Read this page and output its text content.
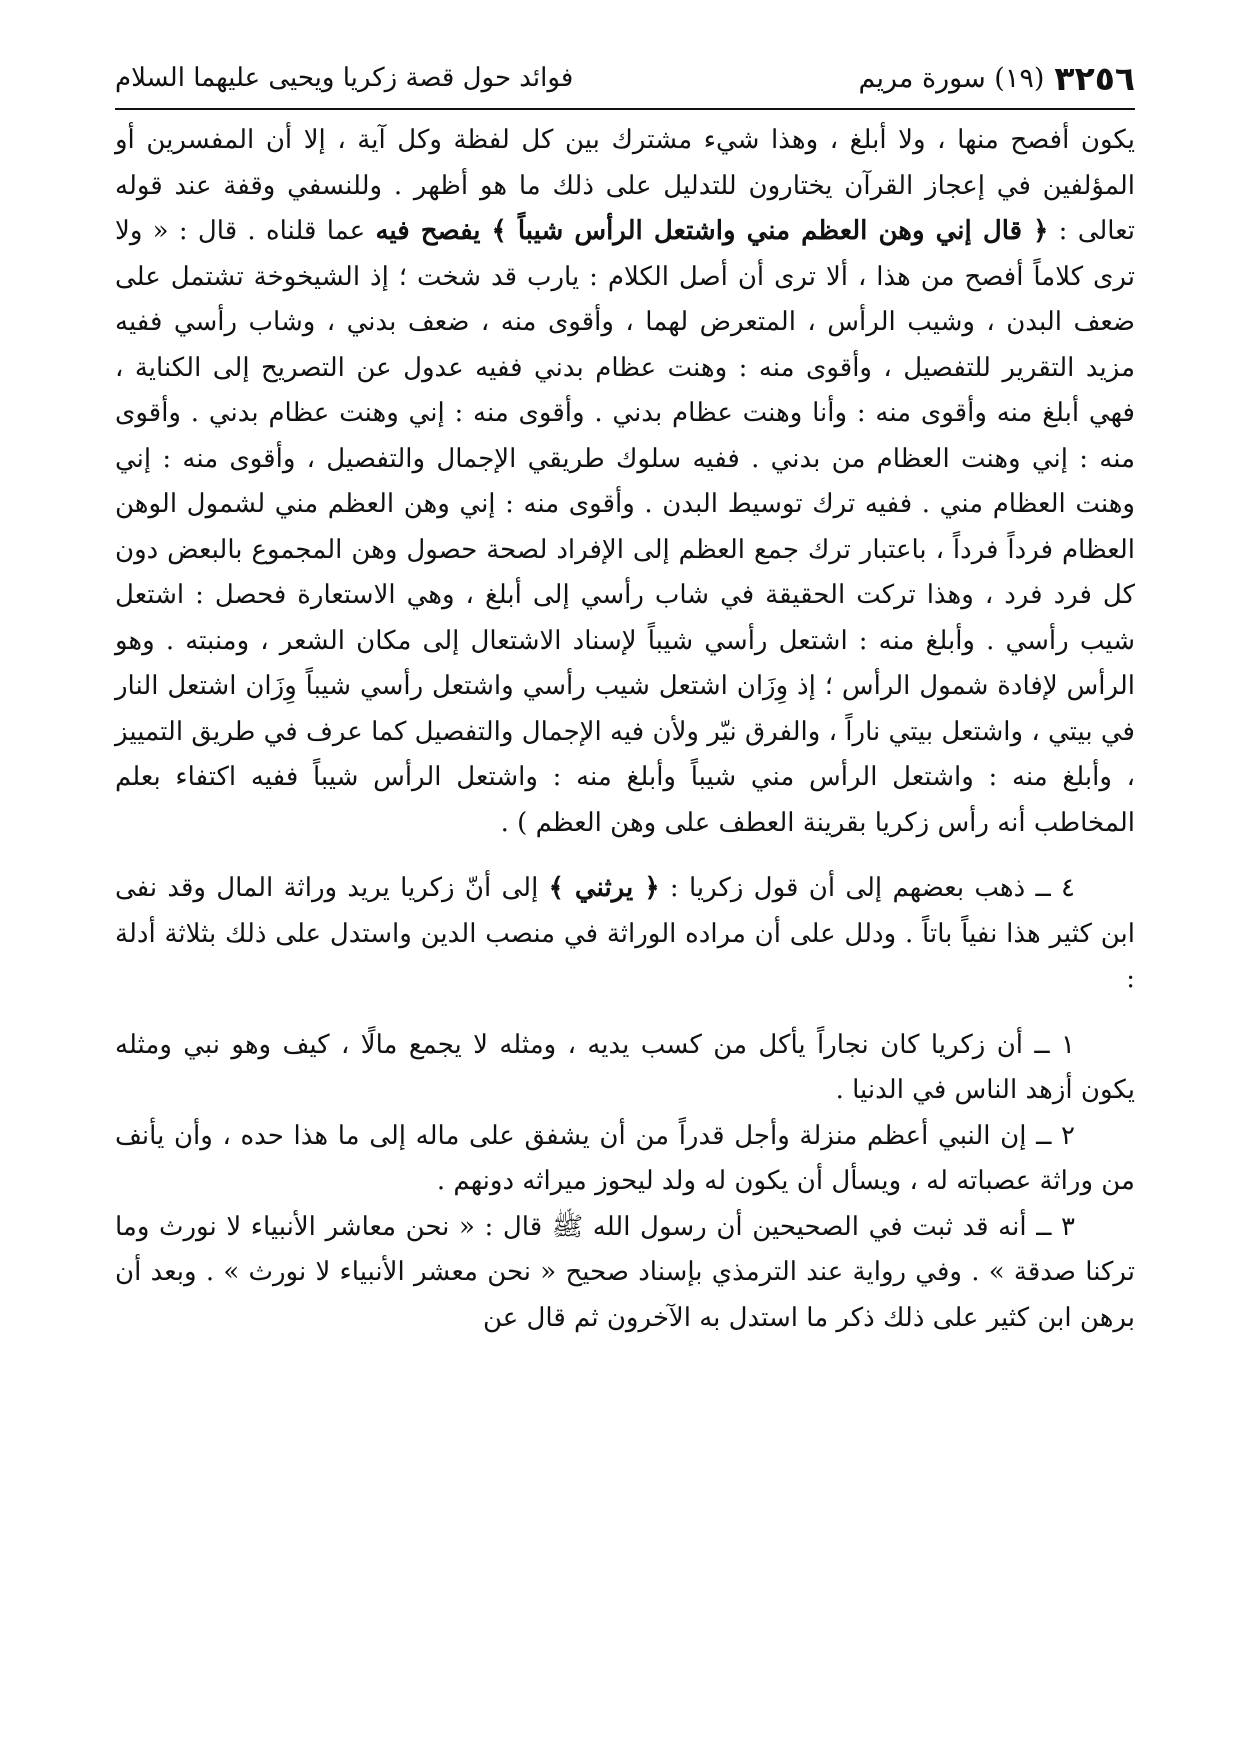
٣٢٥٦
(١٩) سورة مريم
فوائد حول قصة زكريا ويحيى عليهما السلام

يكون أفصح منها ، ولا أبلغ ، وهذا شيء مشترك بين كل لفظة وكل آية ، إلا أن المفسرين أو المؤلفين في إعجاز القرآن يختارون للتدليل على ذلك ما هو أظهر . وللنسفي وقفة عند قوله تعالى : ﴿ قال إني وهن العظم مني واشتعل الرأس شيباً ﴾ يفصح فيه عما قلناه . قال : « ولا ترى كلاماً أفصح من هذا ، ألا ترى أن أصل الكلام : يارب قد شخت ؛ إذ الشيخوخة تشتمل على ضعف البدن ، وشيب الرأس ، المتعرض لهما ، وأقوى منه ، ضعف بدني ، وشاب رأسي ففيه مزيد التقرير للتفصيل ، وأقوى منه : وهنت عظام بدني ففيه عدول عن التصريح إلى الكناية ، فهي أبلغ منه وأقوى منه : وأنا وهنت عظام بدني . وأقوى منه : إني وهنت عظام بدني . وأقوى منه : إني وهنت العظام من بدني . ففيه سلوك طريقي الإجمال والتفصيل ، وأقوى منه : إني وهنت العظام مني . ففيه ترك توسيط البدن . وأقوى منه : إني وهن العظم مني لشمول الوهن العظام فرداً فرداً ، باعتبار ترك جمع العظم إلى الإفراد لصحة حصول وهن المجموع بالبعض دون كل فرد فرد ، وهذا تركت الحقيقة في شاب رأسي إلى أبلغ ، وهي الاستعارة فحصل : اشتعل شيب رأسي . وأبلغ منه : اشتعل رأسي شيباً لإسناد الاشتعال إلى مكان الشعر ، ومنبته . وهو الرأس لإفادة شمول الرأس ؛ إذ وِزَان اشتعل شيب رأسي واشتعل رأسي شيباً وِزَان اشتعل النار في بيتي ، واشتعل بيتي ناراً ، والفرق نيّر ولأن فيه الإجمال والتفصيل كما عرف في طريق التمييز ، وأبلغ منه : واشتعل الرأس مني شيباً وأبلغ منه : واشتعل الرأس شيباً ففيه اكتفاء بعلم المخاطب أنه رأس زكريا بقرينة العطف على وهن العظم ) .

٤ ــ ذهب بعضهم إلى أن قول زكريا : ﴿ يرثني ﴾ إلى أنّ زكريا يريد وراثة المال وقد نفى ابن كثير هذا نفياً باتاً . ودلل على أن مراده الوراثة في منصب الدين واستدل على ذلك بثلاثة أدلة :

١ ــ أن زكريا كان نجاراً يأكل من كسب يديه ، ومثله لا يجمع مالًا ، كيف وهو نبي ومثله يكون أزهد الناس في الدنيا .

٢ ــ إن النبي أعظم منزلة وأجل قدراً من أن يشفق على ماله إلى ما هذا حده ، وأن يأنف من وراثة عصباته له ، ويسأل أن يكون له ولد ليحوز ميراثه دونهم .

٣ ــ أنه قد ثبت في الصحيحين أن رسول الله ﷺ قال : « نحن معاشر الأنبياء لا نورث وما تركنا صدقة » . وفي رواية عند الترمذي بإسناد صحيح « نحن معشر الأنبياء لا نورث » . وبعد أن برهن ابن كثير على ذلك ذكر ما استدل به الآخرون ثم قال عن
